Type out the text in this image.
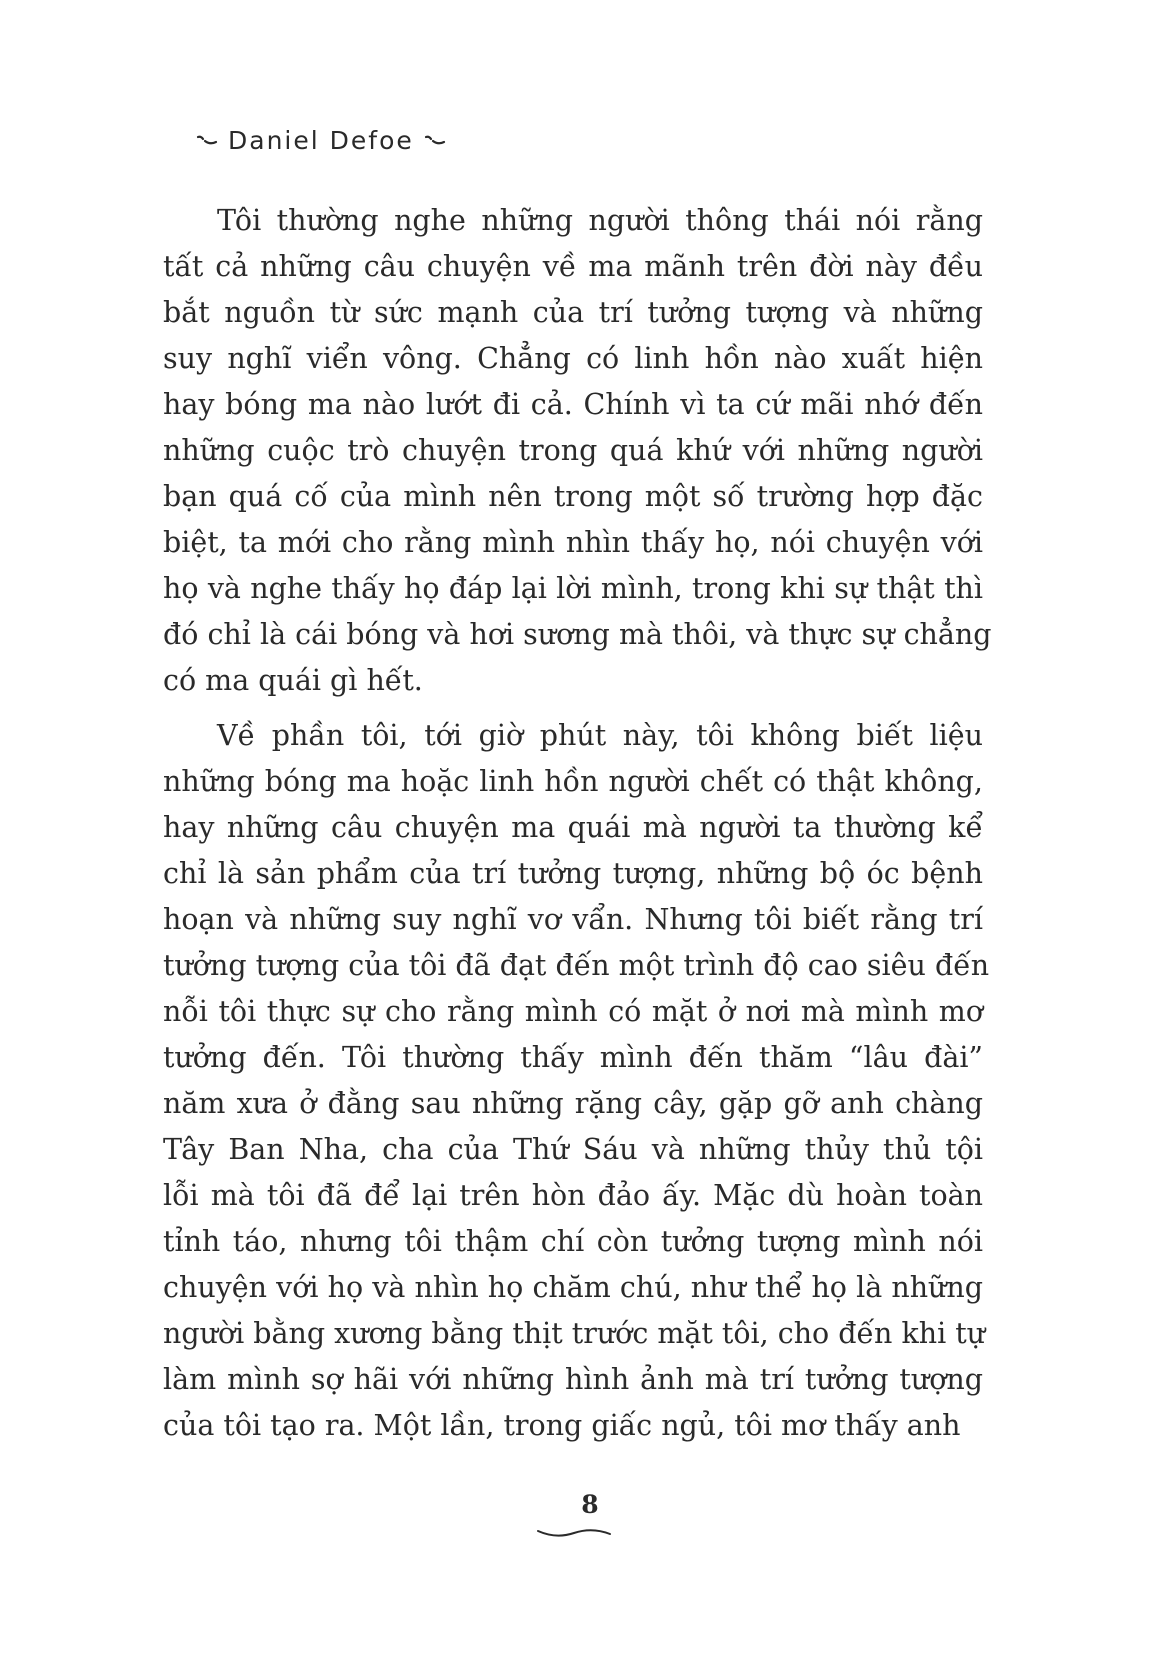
Daniel Defoe
Tôi thường nghe những người thông thái nói rằng
tất cả những câu chuyện về ma mãnh trên đời này đều
bắt nguồn từ sức mạnh của trí tưởng tượng và những
suy nghĩ viển vông. Chẳng có linh hồn nào xuất hiện
hay bóng ma nào lướt đi cả. Chính vì ta cứ mãi nhớ đến
những cuộc trò chuyện trong quá khứ với những người
bạn quá cố của mình nên trong một số trường hợp đặc
biệt, ta mới cho rằng mình nhìn thấy họ, nói chuyện với
họ và nghe thấy họ đáp lại lời mình, trong khi sự thật thì
đó chỉ là cái bóng và hơi sương mà thôi, và thực sự chẳng
có ma quái gì hết.
Về phần tôi, tới giờ phút này, tôi không biết liệu
những bóng ma hoặc linh hồn người chết có thật không,
hay những câu chuyện ma quái mà người ta thường kể
chỉ là sản phẩm của trí tưởng tượng, những bộ óc bệnh
hoạn và những suy nghĩ vơ vẩn. Nhưng tôi biết rằng trí
tưởng tượng của tôi đã đạt đến một trình độ cao siêu đến
nỗi tôi thực sự cho rằng mình có mặt ở nơi mà mình mơ
tưởng đến. Tôi thường thấy mình đến thăm “lâu đài”
năm xưa ở đằng sau những rặng cây, gặp gỡ anh chàng
Tây Ban Nha, cha của Thứ Sáu và những thủy thủ tội
lỗi mà tôi đã để lại trên hòn đảo ấy. Mặc dù hoàn toàn
tỉnh táo, nhưng tôi thậm chí còn tưởng tượng mình nói
chuyện với họ và nhìn họ chăm chú, như thể họ là những
người bằng xương bằng thịt trước mặt tôi, cho đến khi tự
làm mình sợ hãi với những hình ảnh mà trí tưởng tượng
của tôi tạo ra. Một lần, trong giấc ngủ, tôi mơ thấy anh
8
